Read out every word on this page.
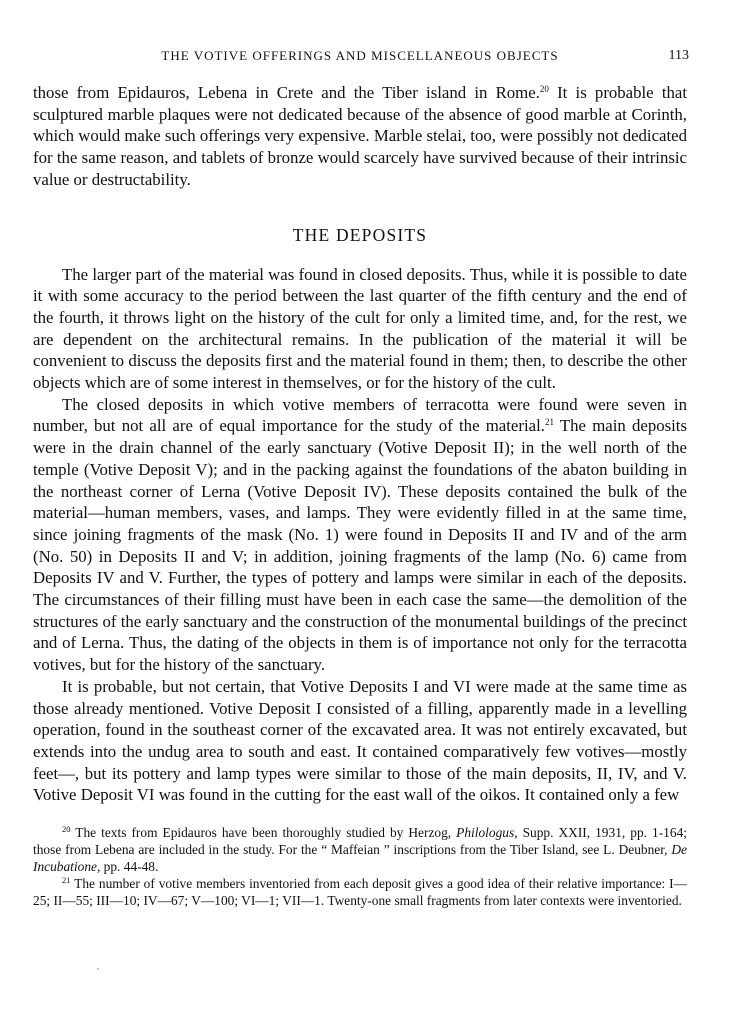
THE VOTIVE OFFERINGS AND MISCELLANEOUS OBJECTS	113

those from Epidauros, Lebena in Crete and the Tiber island in Rome.$^{20}$ It is probable that sculptured marble plaques were not dedicated because of the absence of good marble at Corinth, which would make such offerings very expensive. Marble stelai, too, were possibly not dedicated for the same reason, and tablets of bronze would scarcely have survived because of their intrinsic value or destructability.

THE DEPOSITS

The larger part of the material was found in closed deposits. Thus, while it is possible to date it with some accuracy to the period between the last quarter of the fifth century and the end of the fourth, it throws light on the history of the cult for only a limited time, and, for the rest, we are dependent on the architectural remains. In the publication of the material it will be convenient to discuss the deposits first and the material found in them; then, to describe the other objects which are of some interest in themselves, or for the history of the cult.

The closed deposits in which votive members of terracotta were found were seven in number, but not all are of equal importance for the study of the material.$^{21}$ The main deposits were in the drain channel of the early sanctuary (Votive Deposit II); in the well north of the temple (Votive Deposit V); and in the packing against the foundations of the abaton building in the northeast corner of Lerna (Votive Deposit IV). These deposits contained the bulk of the material—human members, vases, and lamps. They were evidently filled in at the same time, since joining fragments of the mask (No. 1) were found in Deposits II and IV and of the arm (No. 50) in Deposits II and V; in addition, joining fragments of the lamp (No. 6) came from Deposits IV and V. Further, the types of pottery and lamps were similar in each of the deposits. The circumstances of their filling must have been in each case the same—the demolition of the structures of the early sanctuary and the construction of the monumental buildings of the precinct and of Lerna. Thus, the dating of the objects in them is of importance not only for the terracotta votives, but for the history of the sanctuary.

It is probable, but not certain, that Votive Deposits I and VI were made at the same time as those already mentioned. Votive Deposit I consisted of a filling, apparently made in a levelling operation, found in the southeast corner of the excavated area. It was not entirely excavated, but extends into the undug area to south and east. It contained comparatively few votives—mostly feet—, but its pottery and lamp types were similar to those of the main deposits, II, IV, and V. Votive Deposit VI was found in the cutting for the east wall of the oikos. It contained only a few

$^{20}$ The texts from Epidauros have been thoroughly studied by Herzog, Philologus, Supp. XXII, 1931, pp. 1-164; those from Lebena are included in the study. For the “ Maffeian ” inscriptions from the Tiber Island, see L. Deubner, De Incubatione, pp. 44-48.

$^{21}$ The number of votive members inventoried from each deposit gives a good idea of their relative importance: I—25; II—55; III—10; IV—67; V—100; VI—1; VII—1. Twenty-one small fragments from later contexts were inventoried.
